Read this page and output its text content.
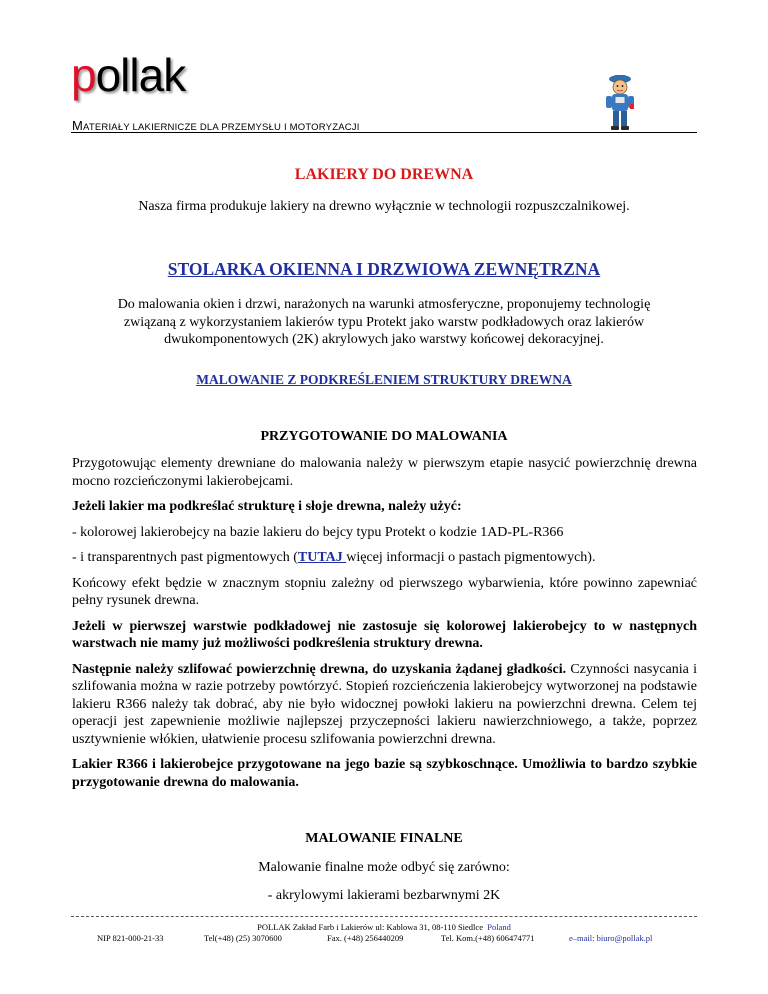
pollak
MATERIAŁY LAKIERNICZE DLA PRZEMYSŁU I MOTORYZACJI
LAKIERY DO DREWNA
Nasza firma produkuje lakiery na drewno wyłącznie w technologii rozpuszczalnikowej.
STOLARKA OKIENNA I DRZWIOWA ZEWNĘTRZNA
Do malowania okien i drzwi, narażonych na warunki atmosferyczne, proponujemy technologię
związaną z wykorzystaniem lakierów typu Protekt jako warstw podkładowych oraz lakierów
dwukomponentowych (2K) akrylowych jako warstwy końcowej dekoracyjnej.
MALOWANIE Z PODKREŚLENIEM STRUKTURY DREWNA
PRZYGOTOWANIE DO MALOWANIA

Przygotowując elementy drewniane do malowania należy w pierwszym etapie nasycić powierzchnię drewna mocno rozcieńczonymi lakierobejcami.

Jeżeli lakier ma podkreślać strukturę i słoje drewna, należy użyć:

- kolorowej lakierobejcy na bazie lakieru do bejcy typu Protekt o kodzie 1AD-PL-R366

- i transparentnych past pigmentowych (TUTAJ więcej informacji o pastach pigmentowych).

Końcowy efekt będzie w znacznym stopniu zależny od pierwszego wybarwienia, które powinno zapewniać pełny rysunek drewna.

Jeżeli w pierwszej warstwie podkładowej nie zastosuje się kolorowej lakierobejcy to w następnych warstwach nie mamy już możliwości podkreślenia struktury drewna.

Następnie należy szlifować powierzchnię drewna, do uzyskania żądanej gładkości. Czynności nasycania i szlifowania można w razie potrzeby powtórzyć. Stopień rozcieńczenia lakierobejcy wytworzonej na podstawie lakieru R366 należy tak dobrać, aby nie było widocznej powłoki lakieru na powierzchni drewna. Celem tej operacji jest zapewnienie możliwie najlepszej przyczepności lakieru nawierzchniowego, a także, poprzez usztywnienie włókien, ułatwienie procesu szlifowania powierzchni drewna.

Lakier R366 i lakierobejce przygotowane na jego bazie są szybkoschnące. Umożliwia to bardzo szybkie przygotowanie drewna do malowania.

MALOWANIE FINALNE
Malowanie finalne może odbyć się zarówno:
- akrylowymi lakierami bezbarwnymi 2K
POLLAK Zakład Farb i Lakierów ul: Kablowa 31, 08-110 Siedlce Poland
NIP 821-000-21-33	Tel(+48) (25) 3070600	Fax. (+48) 256440209	Tel. Kom.(+48) 606474771	e–mail: biuro@pollak.pl
